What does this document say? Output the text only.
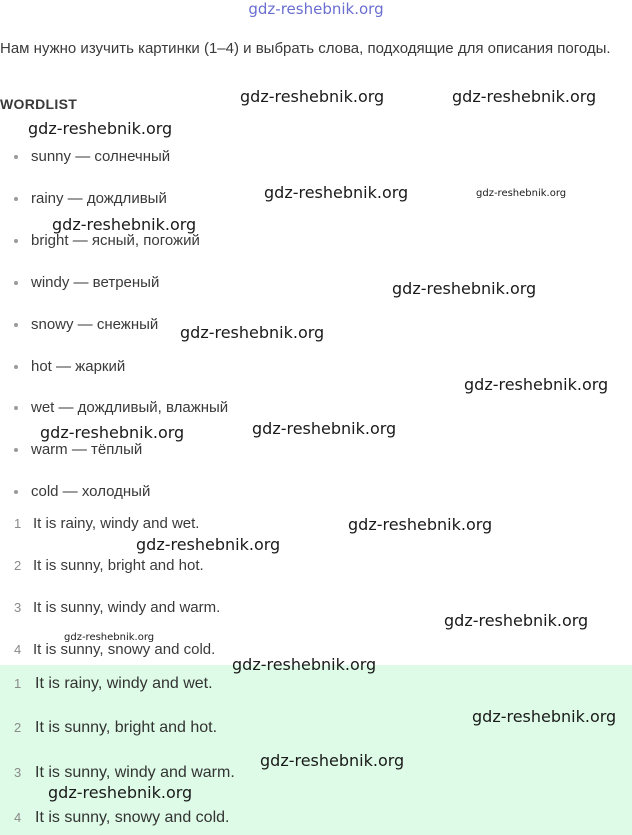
gdz-reshebnik.org
Нам нужно изучить картинки (1–4) и выбрать слова, подходящие для описания погоды.
WORDLIST
sunny — солнечный
rainy — дождливый
bright — ясный, погожий
windy — ветреный
snowy — снежный
hot — жаркий
wet — дождливый, влажный
warm — тёплый
cold — холодный
1 It is rainy, windy and wet.
2 It is sunny, bright and hot.
3 It is sunny, windy and warm.
4 It is sunny, snowy and cold.
1 It is rainy, windy and wet.
2 It is sunny, bright and hot.
3 It is sunny, windy and warm.
4 It is sunny, snowy and cold.
gdz-reshebnik.org	gdz-reshebnik.org
gdz-reshebnik.org
gdz-reshebnik.org	gdz-reshebnik.org
gdz-reshebnik.org
gdz-reshebnik.org
gdz-reshebnik.org
gdz-reshebnik.org
gdz-reshebnik.org
gdz-reshebnik.org
gdz-reshebnik.org
gdz-reshebnik.org
gdz-reshebnik.org
gdz-reshebnik.org
gdz-reshebnik.org
gdz-reshebnik.org
gdz-reshebnik.org
gdz-reshebnik.org
